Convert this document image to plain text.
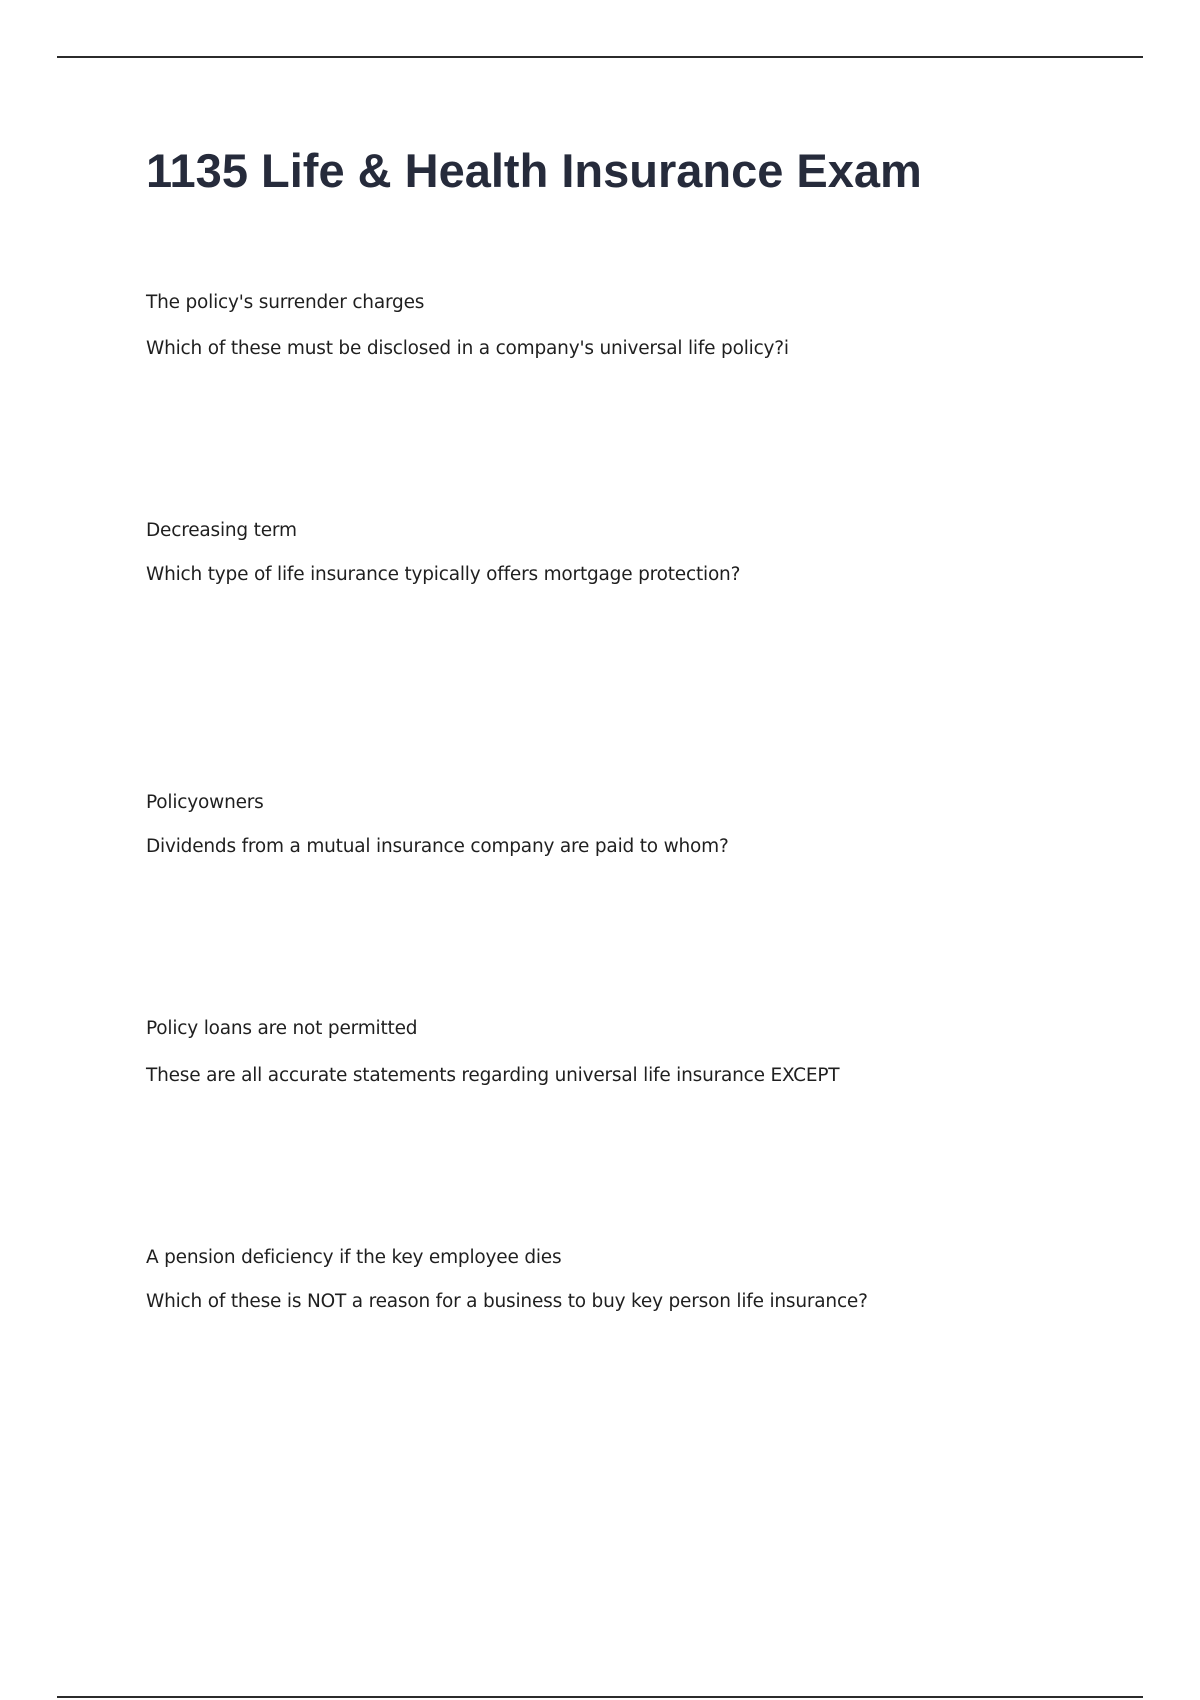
1135 Life & Health Insurance Exam

The policy's surrender charges

Which of these must be disclosed in a company's universal life policy?i

Decreasing term

Which type of life insurance typically offers mortgage protection?

Policyowners

Dividends from a mutual insurance company are paid to whom?

Policy loans are not permitted

These are all accurate statements regarding universal life insurance EXCEPT

A pension deficiency if the key employee dies

Which of these is NOT a reason for a business to buy key person life insurance?
